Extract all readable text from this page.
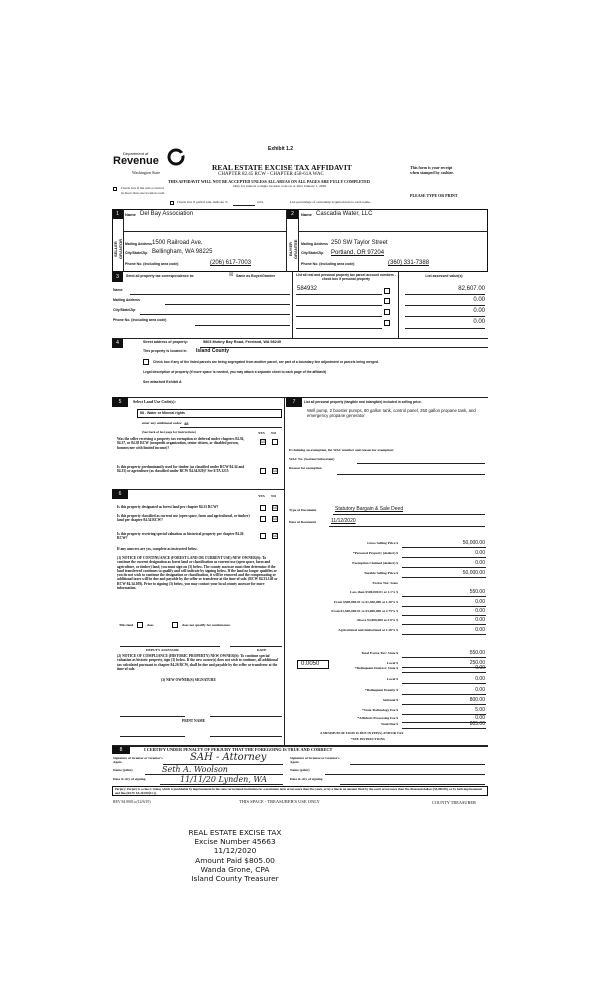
Exhibit 1.2
Department of
Revenue
Washington State
REAL ESTATE EXCISE TAX AFFIDAVIT
CHAPTER 82.45 RCW - CHAPTER 458-61A WAC
THIS AFFIDAVIT WILL NOT BE ACCEPTED UNLESS ALL AREAS ON ALL PAGES ARE FULLY COMPLETED
Only for sales in a single location code on or after January 1, 2020
This form is your receipt
when stamped by cashier.
PLEASE TYPE OR PRINT
Check box if the sale occurred
in more than one location code
Check box if partial sale, indicate %	sold.	List percentage of ownership acquired next to each name.
1
SELLER GRANTOR
Name Del Bay Association
Mailing Address 1500 Railroad Ave.
City/State/Zip Bellingham, WA 98225
Phone No. (including area code)	(206) 617-7003
2
BUYER GRANTEE
Name Cascadia Water, LLC
Mailing Address 250 SW Taylor Street
City/State/Zip Portland, OR 97204
Phone No. (including area code)	(360) 331-7388
3	Send all property tax correspondence to:	☒ Same as Buyer/Grantee
Name
Mailing Address
City/State/Zip
Phone No. (including area code)
List all real and personal property tax parcel account numbers - check box if personal property
List assessed value(s)
584932	82,607.00
0.00
0.00
0.00
4	Street address of property:	5803 Mutiny Bay Road, Freeland, WA 98249
This property is located in Island County
Check box if any of the listed parcels are being segregated from another parcel, are part of a boundary line adjustment or parcels being merged.
Legal description of property (if more space is needed, you may attach a separate sheet to each page of the affidavit)
See attached Exhibit A
5	Select Land Use Code(s):
88 - Water or Mineral rights
enter any additional codes: 48
(See back of last page for instructions)	YES NO
Was the seller receiving a property tax exemption or deferral under chapters 84.36, 84.37, or 84.38 RCW (nonprofit organization, senior citizen, or disabled person, homeowner with limited income)?
☑
Is this property predominantly used for timber (as classified under RCW 84.34 and 84.33) or agriculture (as classified under RCW 84.34.020)? See ETA 3215	☑
6	YES NO
Is this property designated as forest land per chapter 84.33 RCW?	☑
Is this property classified as current use (open space, farm and agricultural, or timber) land per chapter 84.34 RCW?	☑
Is this property receiving special valuation as historical property per chapter 84.26 RCW?	☑
If any answers are yes, complete as instructed below.
(1) NOTICE OF CONTINUANCE (FOREST LAND OR CURRENT USE) NEW OWNER(S): To continue the current designation as forest land or classification as current use (open space, farm and agriculture, or timber) land, you must sign on (3) below. The county assessor must then determine if the land transferred continues to qualify and will indicate by signing below. If the land no longer qualifies or you do not wish to continue the designation or classification, it will be removed and the compensating or additional taxes will be due and payable by the seller or transferor at the time of sale. (RCW 84.33.140 or RCW 84.34.108). Prior to signing (3) below, you may contact your local county assessor for more information.
This land	does	does not qualify for continuance.
DEPUTY ASSESSOR	DATE
(2) NOTICE OF COMPLIANCE (HISTORIC PROPERTY) NEW OWNER(S): To continue special valuation as historic property, sign (3) below. If the new owner(s) does not wish to continue, all additional tax calculated pursuant to chapter 84.26 RCW, shall be due and payable by the seller or transferor at the time of sale.
(3) NEW OWNER(S) SIGNATURE
PRINT NAME
7	List all personal property (tangible and intangible) included in selling price.
Well pump, 2 booster pumps, 80 gallon tank, control panel, 250 gallon propane tank, and emergency propane generator
If claiming an exemption, list WAC number and reason for exemption:
WAC No. (Section/Subsection)
Reason for exemption
Type of Document	Statutory Bargain & Sale Deed
Date of Document	11/12/2020
Gross Selling Price $	50,000.00
*Personal Property (deduct) $	0.00
Exemption Claimed (deduct) $	0.00
Taxable Selling Price $	50,000.00
Excise Tax: State
Less than $500,000.01 at 1.1% $	550.00
From $500,000.01 to $1,500,000 at 1.28% $	0.00
From $1,500,000.01 to $3,000,000 at 2.75% $	0.00
Above $3,000,000 at 3.0% $	0.00
Agricultural and timberland at 1.28% $	0.00
Total Excise Tax: State $	550.00
Local $	250.00
*Delinquent Interest: State $	0.00
Local $	0.00
*Delinquent Penalty $	0.00
Subtotal $	800.00
*State Technology Fee $	5.00
*Affidavit Processing Fee $	0.00
Total Due $	805.00
0.0050
A MINIMUM OF $10.00 IS DUE IN FEE(S) AND/OR TAX
*SEE INSTRUCTIONS
8	I CERTIFY UNDER PENALTY OF PERJURY THAT THE FOREGOING IS TRUE AND CORRECT
Signature of Grantor or Grantor's Agent	SAH - Attorney
Name (print)	Seth A. Woolson
Date & city of signing	11/11/20 Lynden, WA
Signature of Grantee or Grantee's Agent
Name (print)
Date & city of signing
Perjury: Perjury is a class C felony which is punishable by imprisonment in the state correctional institution for a maximum term of not more than five years, or by a fine in an amount fixed by the court of not more than five thousand dollars ($5,000.00), or by both imprisonment and fine (RCW 9A.20.020(1C)).
REV 84 0001a (12/6/19)	THIS SPACE - TREASURER'S USE ONLY	COUNTY TREASURER
REAL ESTATE EXCISE TAX
Excise Number 45663
11/12/2020
Amount Paid $805.00
Wanda Grone, CPA
Island County Treasurer
